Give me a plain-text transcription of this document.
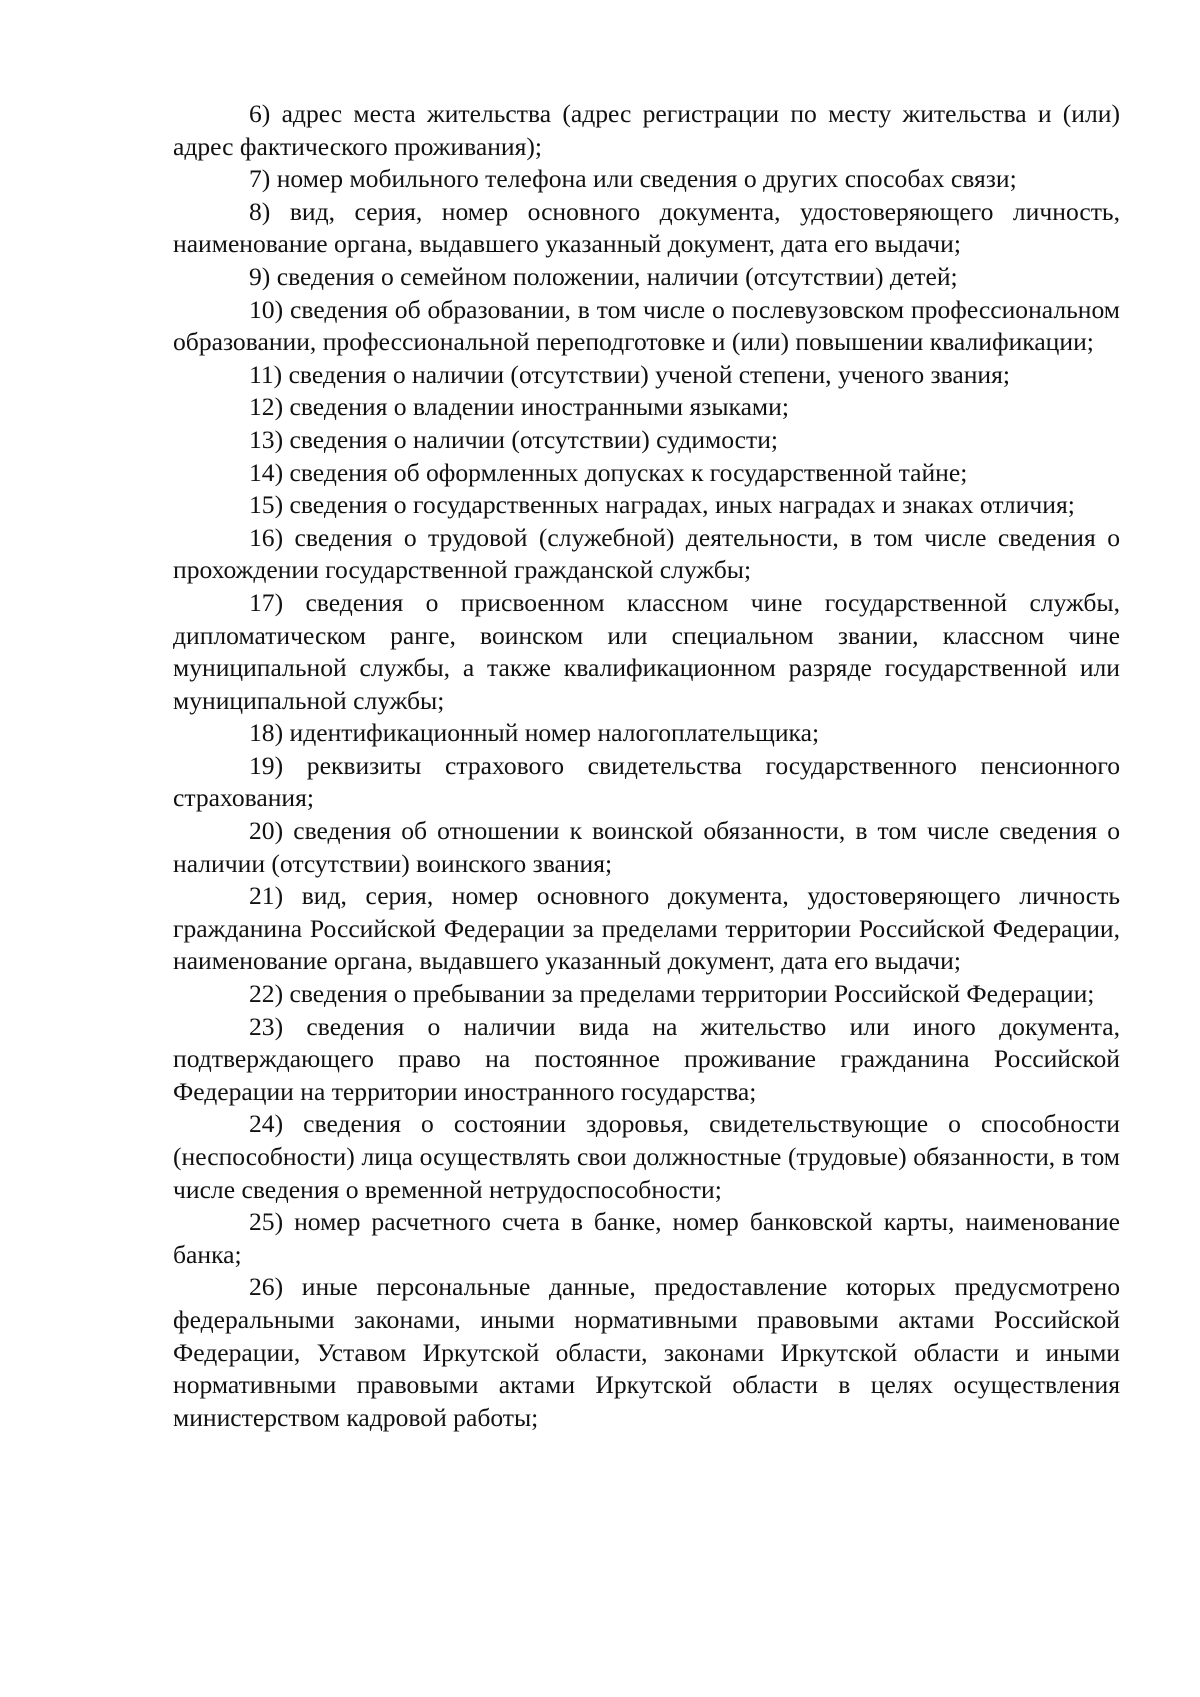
6) адрес места жительства (адрес регистрации по месту жительства и (или) адрес фактического проживания);

7) номер мобильного телефона или сведения о других способах связи;

8) вид, серия, номер основного документа, удостоверяющего личность, наименование органа, выдавшего указанный документ, дата его выдачи;

9) сведения о семейном положении, наличии (отсутствии) детей;

10) сведения об образовании, в том числе о послевузовском профессиональном образовании, профессиональной переподготовке и (или) повышении квалификации;

11) сведения о наличии (отсутствии) ученой степени, ученого звания;

12) сведения о владении иностранными языками;

13) сведения о наличии (отсутствии) судимости;

14) сведения об оформленных допусках к государственной тайне;

15) сведения о государственных наградах, иных наградах и знаках отличия;

16) сведения о трудовой (служебной) деятельности, в том числе сведения о прохождении государственной гражданской службы;

17) сведения о присвоенном классном чине государственной службы, дипломатическом ранге, воинском или специальном звании, классном чине муниципальной службы, а также квалификационном разряде государственной или муниципальной службы;

18) идентификационный номер налогоплательщика;

19) реквизиты страхового свидетельства государственного пенсионного страхования;

20) сведения об отношении к воинской обязанности, в том числе сведения о наличии (отсутствии) воинского звания;

21) вид, серия, номер основного документа, удостоверяющего личность гражданина Российской Федерации за пределами территории Российской Федерации, наименование органа, выдавшего указанный документ, дата его выдачи;

22) сведения о пребывании за пределами территории Российской Федерации;

23) сведения о наличии вида на жительство или иного документа, подтверждающего право на постоянное проживание гражданина Российской Федерации на территории иностранного государства;

24) сведения о состоянии здоровья, свидетельствующие о способности (неспособности) лица осуществлять свои должностные (трудовые) обязанности, в том числе сведения о временной нетрудоспособности;

25) номер расчетного счета в банке, номер банковской карты, наименование банка;

26) иные персональные данные, предоставление которых предусмотрено федеральными законами, иными нормативными правовыми актами Российской Федерации, Уставом Иркутской области, законами Иркутской области и иными нормативными правовыми актами Иркутской области в целях осуществления министерством кадровой работы;
